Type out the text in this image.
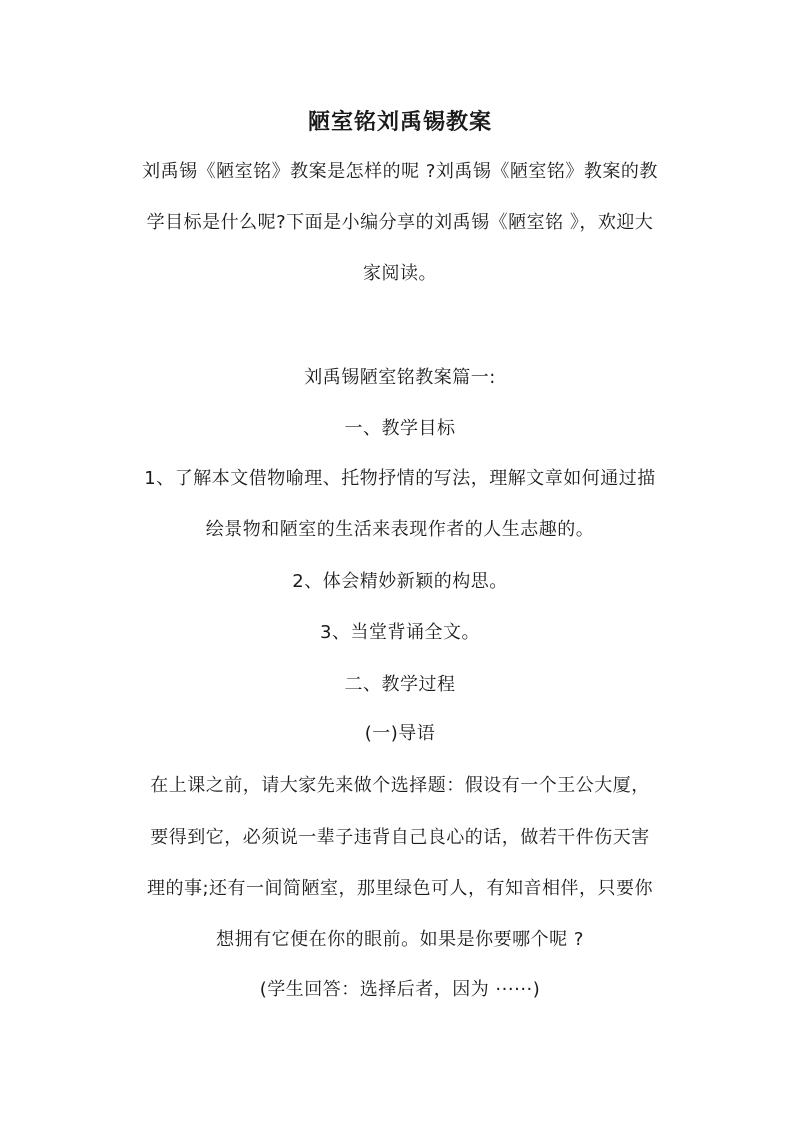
陋室铭刘禹锡教案
刘禹锡《陋室铭》教案是怎样的呢 ?刘禹锡《陋室铭》教案的教
学目标是什么呢?下面是小编分享的刘禹锡《陋室铭 》，欢迎大
家阅读。
刘禹锡陋室铭教案篇一:
一、教学目标
1、了解本文借物喻理、托物抒情的写法，理解文章如何通过描
绘景物和陋室的生活来表现作者的人生志趣的。
2、体会精妙新颖的构思。
3、当堂背诵全文。
二、教学过程
(一)导语
在上课之前，请大家先来做个选择题：假设有一个王公大厦，
要得到它，必须说一辈子违背自己良心的话，做若干件伤天害
理的事;还有一间简陋室，那里绿色可人，有知音相伴，只要你
想拥有它便在你的眼前。如果是你要哪个呢 ?
(学生回答：选择后者，因为 ······)
